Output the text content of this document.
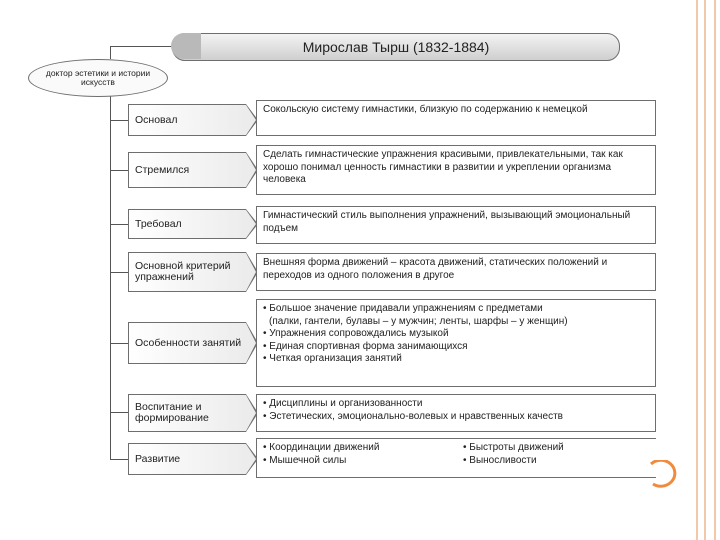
Мирослав Тырш (1832-1884)
доктор эстетики и истории искусств
Основал
Сокольскую систему гимнастики, близкую по содержанию к немецкой
Стремился
Сделать гимнастические упражнения красивыми, привлекательными, так как хорошо понимал ценность гимнастики в развитии и укреплении организма человека
Требовал
Гимнастический стиль выполнения упражнений, вызывающий эмоциональный подъем
Основной критерий упражнений
Внешняя форма движений – красота движений, статических положений и переходов из одного положения в другое
Особенности занятий
• Большое значение придавали упражнениям с предметами
(палки, гантели, булавы – у мужчин; ленты, шарфы – у женщин)
• Упражнения сопровождались музыкой
• Единая спортивная форма занимающихся
• Четкая организация занятий
Воспитание и формирование
• Дисциплины и организованности
• Эстетических, эмоционально-волевых и нравственных качеств
Развитие
• Координации движений	• Быстроты движений
• Мышечной силы	• Выносливости
